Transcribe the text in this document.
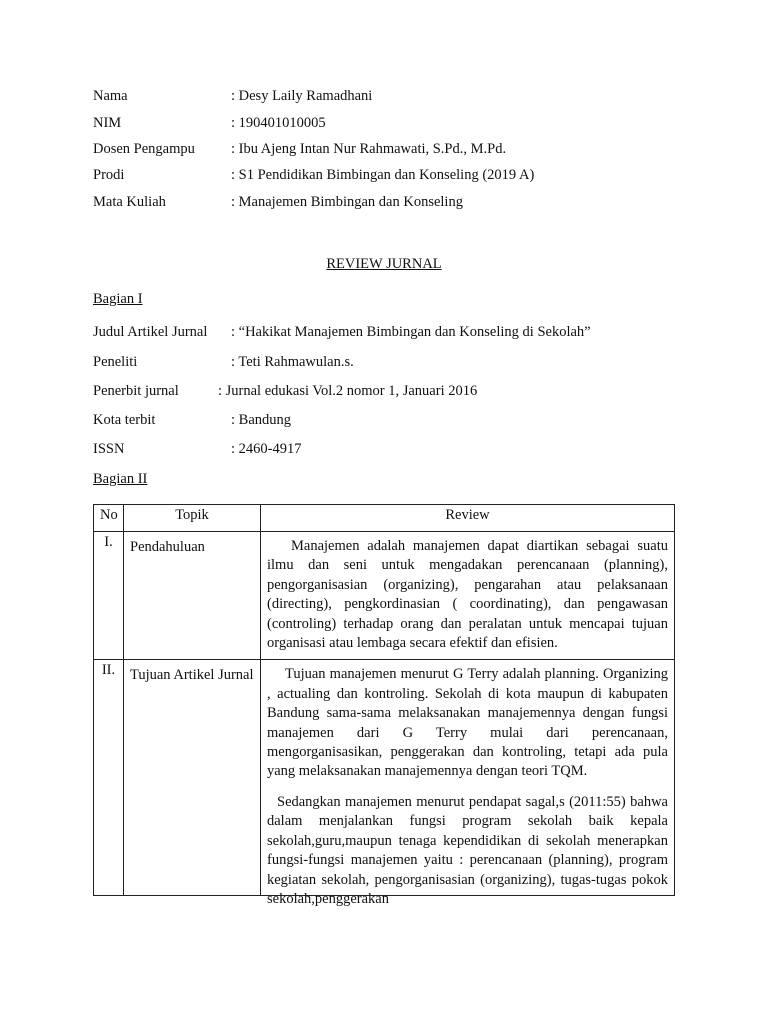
Nama	: Desy Laily Ramadhani
NIM	: 190401010005
Dosen Pengampu : Ibu Ajeng Intan Nur Rahmawati, S.Pd., M.Pd.
Prodi	: S1 Pendidikan Bimbingan dan Konseling (2019 A)
Mata Kuliah	: Manajemen Bimbingan dan Konseling
REVIEW JURNAL
Bagian I
Judul Artikel Jurnal : “Hakikat Manajemen Bimbingan dan Konseling di Sekolah”
Peneliti	: Teti Rahmawulan.s.
Penerbit jurnal	: Jurnal edukasi Vol.2 nomor 1, Januari 2016
Kota terbit	: Bandung
ISSN	: 2460-4917
Bagian II
No	Topik	Review
I.	Pendahuluan	Manajemen adalah manajemen dapat diartikan sebagai suatu ilmu dan seni untuk mengadakan perencanaan (planning), pengorganisasian (organizing), pengarahan atau pelaksanaan (directing), pengkordinasian ( coordinating), dan pengawasan (controling) terhadap orang dan peralatan untuk mencapai tujuan organisasi atau lembaga secara efektif dan efisien.

II.	Tujuan Artikel Jurnal	Tujuan manajemen menurut G Terry adalah planning. Organizing , actualing dan kontroling. Sekolah di kota maupun di kabupaten Bandung sama-sama melaksanakan manajemennya dengan fungsi manajemen dari G Terry mulai dari perencanaan, mengorganisasikan, penggerakan dan kontroling, tetapi ada pula yang melaksanakan manajemennya dengan teori TQM.
Sedangkan manajemen menurut pendapat sagal,s (2011:55) bahwa dalam menjalankan fungsi program sekolah baik kepala sekolah,guru,maupun tenaga kependidikan di sekolah menerapkan fungsi-fungsi manajemen yaitu : perencanaan (planning), program kegiatan sekolah, pengorganisasian (organizing), tugas-tugas pokok sekolah,penggerakan
